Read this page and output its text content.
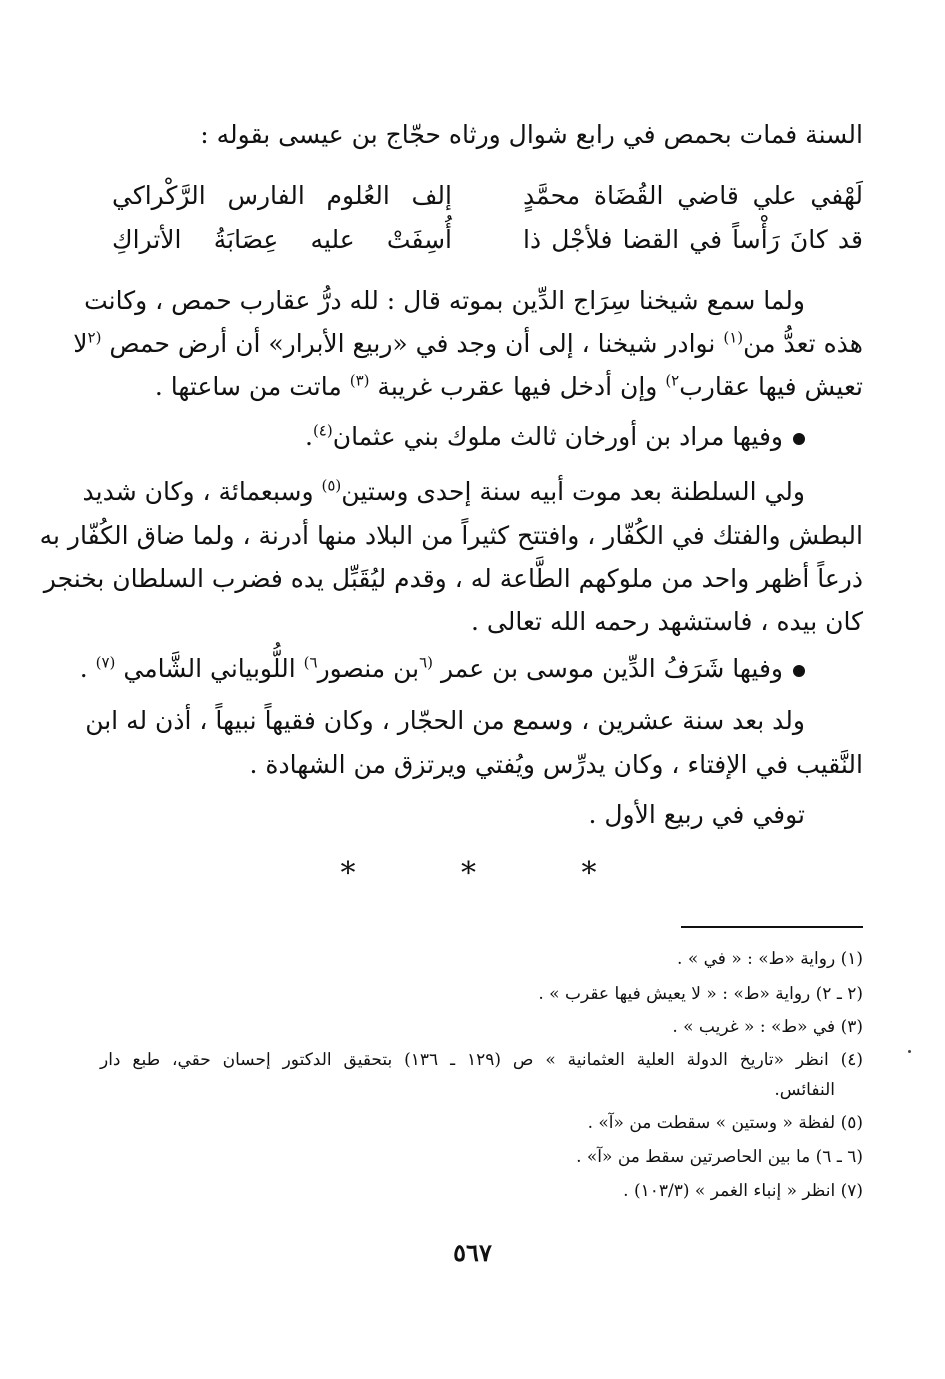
السنة فمات بحمص في رابع شوال ورثاه حجّاج بن عيسى بقوله :
لَهْفي علي قاضي القُضَاة محمَّدٍ
إلف العُلوم الفارس الرَّكْراكي
قد كانَ رَأْساً في القضا فلأجْل ذا
أُسِفَتْ عليه عِصَابَةُ الأتراكِ
ولما سمع شيخنا سِرَاج الدِّين بموته قال : لله درُّ عقارب حمص ، وكانت
هذه تعدُّ من$^{(١)}$ نوادر شيخنا ، إلى أن وجد في «ربيع الأبرار» أن أرض حمص $^{(٢}$لا
تعيش فيها عقارب$^{٢)}$ وإن أدخل فيها عقرب غريبة $^{(٣)}$ ماتت من ساعتها .
وفيها مراد بن أورخان ثالث ملوك بني عثمان$^{(٤)}$.
ولي السلطنة بعد موت أبيه سنة إحدى وستين$^{(٥)}$ وسبعمائة ، وكان شديد
البطش والفتك في الكُفّار ، وافتتح كثيراً من البلاد منها أدرنة ، ولما ضاق الكُفّار به
ذرعاً أظهر واحد من ملوكهم الطَّاعة له ، وقدم ليُقَبِّل يده فضرب السلطان بخنجر
كان بيده ، فاستشهد رحمه الله تعالى .
وفيها شَرَفُ الدِّين موسى بن عمر $^{(٦}$بن منصور$^{٦)}$ اللُّوبياني الشَّامي $^{(٧)}$ .
ولد بعد سنة عشرين ، وسمع من الحجّار ، وكان فقيهاً نبيهاً ، أذن له ابن
النَّقيب في الإفتاء ، وكان يدرِّس ويُفتي ويرتزق من الشهادة .
توفي في ربيع الأول .
* * *
(١) رواية «ط» : « في » .
(٢ ـ ٢) رواية «ط» : « لا يعيش فيها عقرب » .
(٣) في «ط» : « غريب » .
(٤) انظر «تاريخ الدولة العلية العثمانية » ص (١٢٩ ـ ١٣٦) بتحقيق الدكتور إحسان حقي، طبع دار
النفائس.
(٥) لفظة « وستين » سقطت من «آ» .
(٦ ـ ٦) ما بين الحاصرتين سقط من «آ» .
(٧) انظر « إنباء الغمر » (١٠٣/٣) .
٥٦٧
